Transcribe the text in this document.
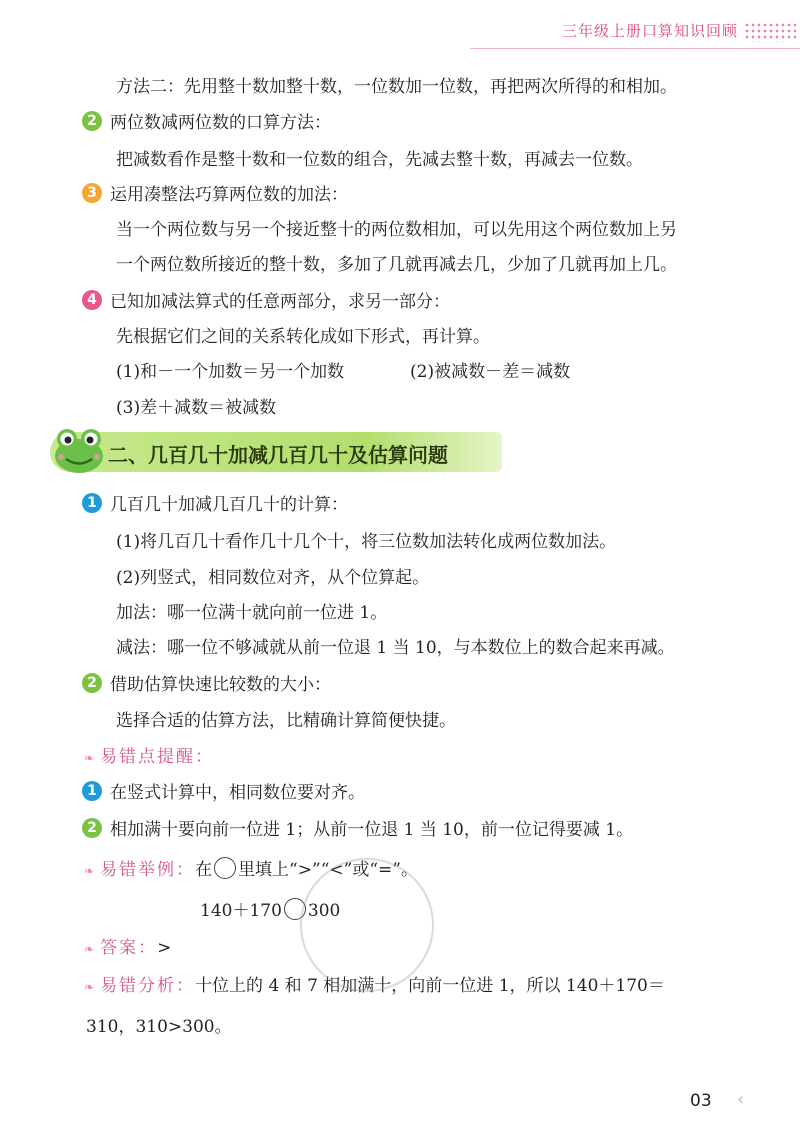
三年级上册口算知识回顾
方法二：先用整十数加整十数，一位数加一位数，再把两次所得的和相加。
2 两位数减两位数的口算方法：
把减数看作是整十数和一位数的组合，先减去整十数，再减去一位数。
3 运用凑整法巧算两位数的加法：
当一个两位数与另一个接近整十的两位数相加，可以先用这个两位数加上另
一个两位数所接近的整十数，多加了几就再减去几，少加了几就再加上几。
4 已知加减法算式的任意两部分，求另一部分：
先根据它们之间的关系转化成如下形式，再计算。
(1)和－一个加数＝另一个加数	(2)被减数－差＝减数
(3)差＋减数＝被减数
二、几百几十加减几百几十及估算问题
1 几百几十加减几百几十的计算：
(1)将几百几十看作几十几个十，将三位数加法转化成两位数加法。
(2)列竖式，相同数位对齐，从个位算起。
加法：哪一位满十就向前一位进 1。
减法：哪一位不够减就从前一位退 1 当 10，与本数位上的数合起来再减。
2 借助估算快速比较数的大小：
选择合适的估算方法，比精确计算简便快捷。
❧ 易错点提醒：
1 在竖式计算中，相同数位要对齐。
2 相加满十要向前一位进 1；从前一位退 1 当 10，前一位记得要减 1。
❧ 易错举例：在 里填上“>”“<”或“=”。
140＋170 300
❧ 答案：>
❧ 易错分析：十位上的 4 和 7 相加满十，向前一位进 1，所以 140＋170＝
310，310>300。
03 ‹
